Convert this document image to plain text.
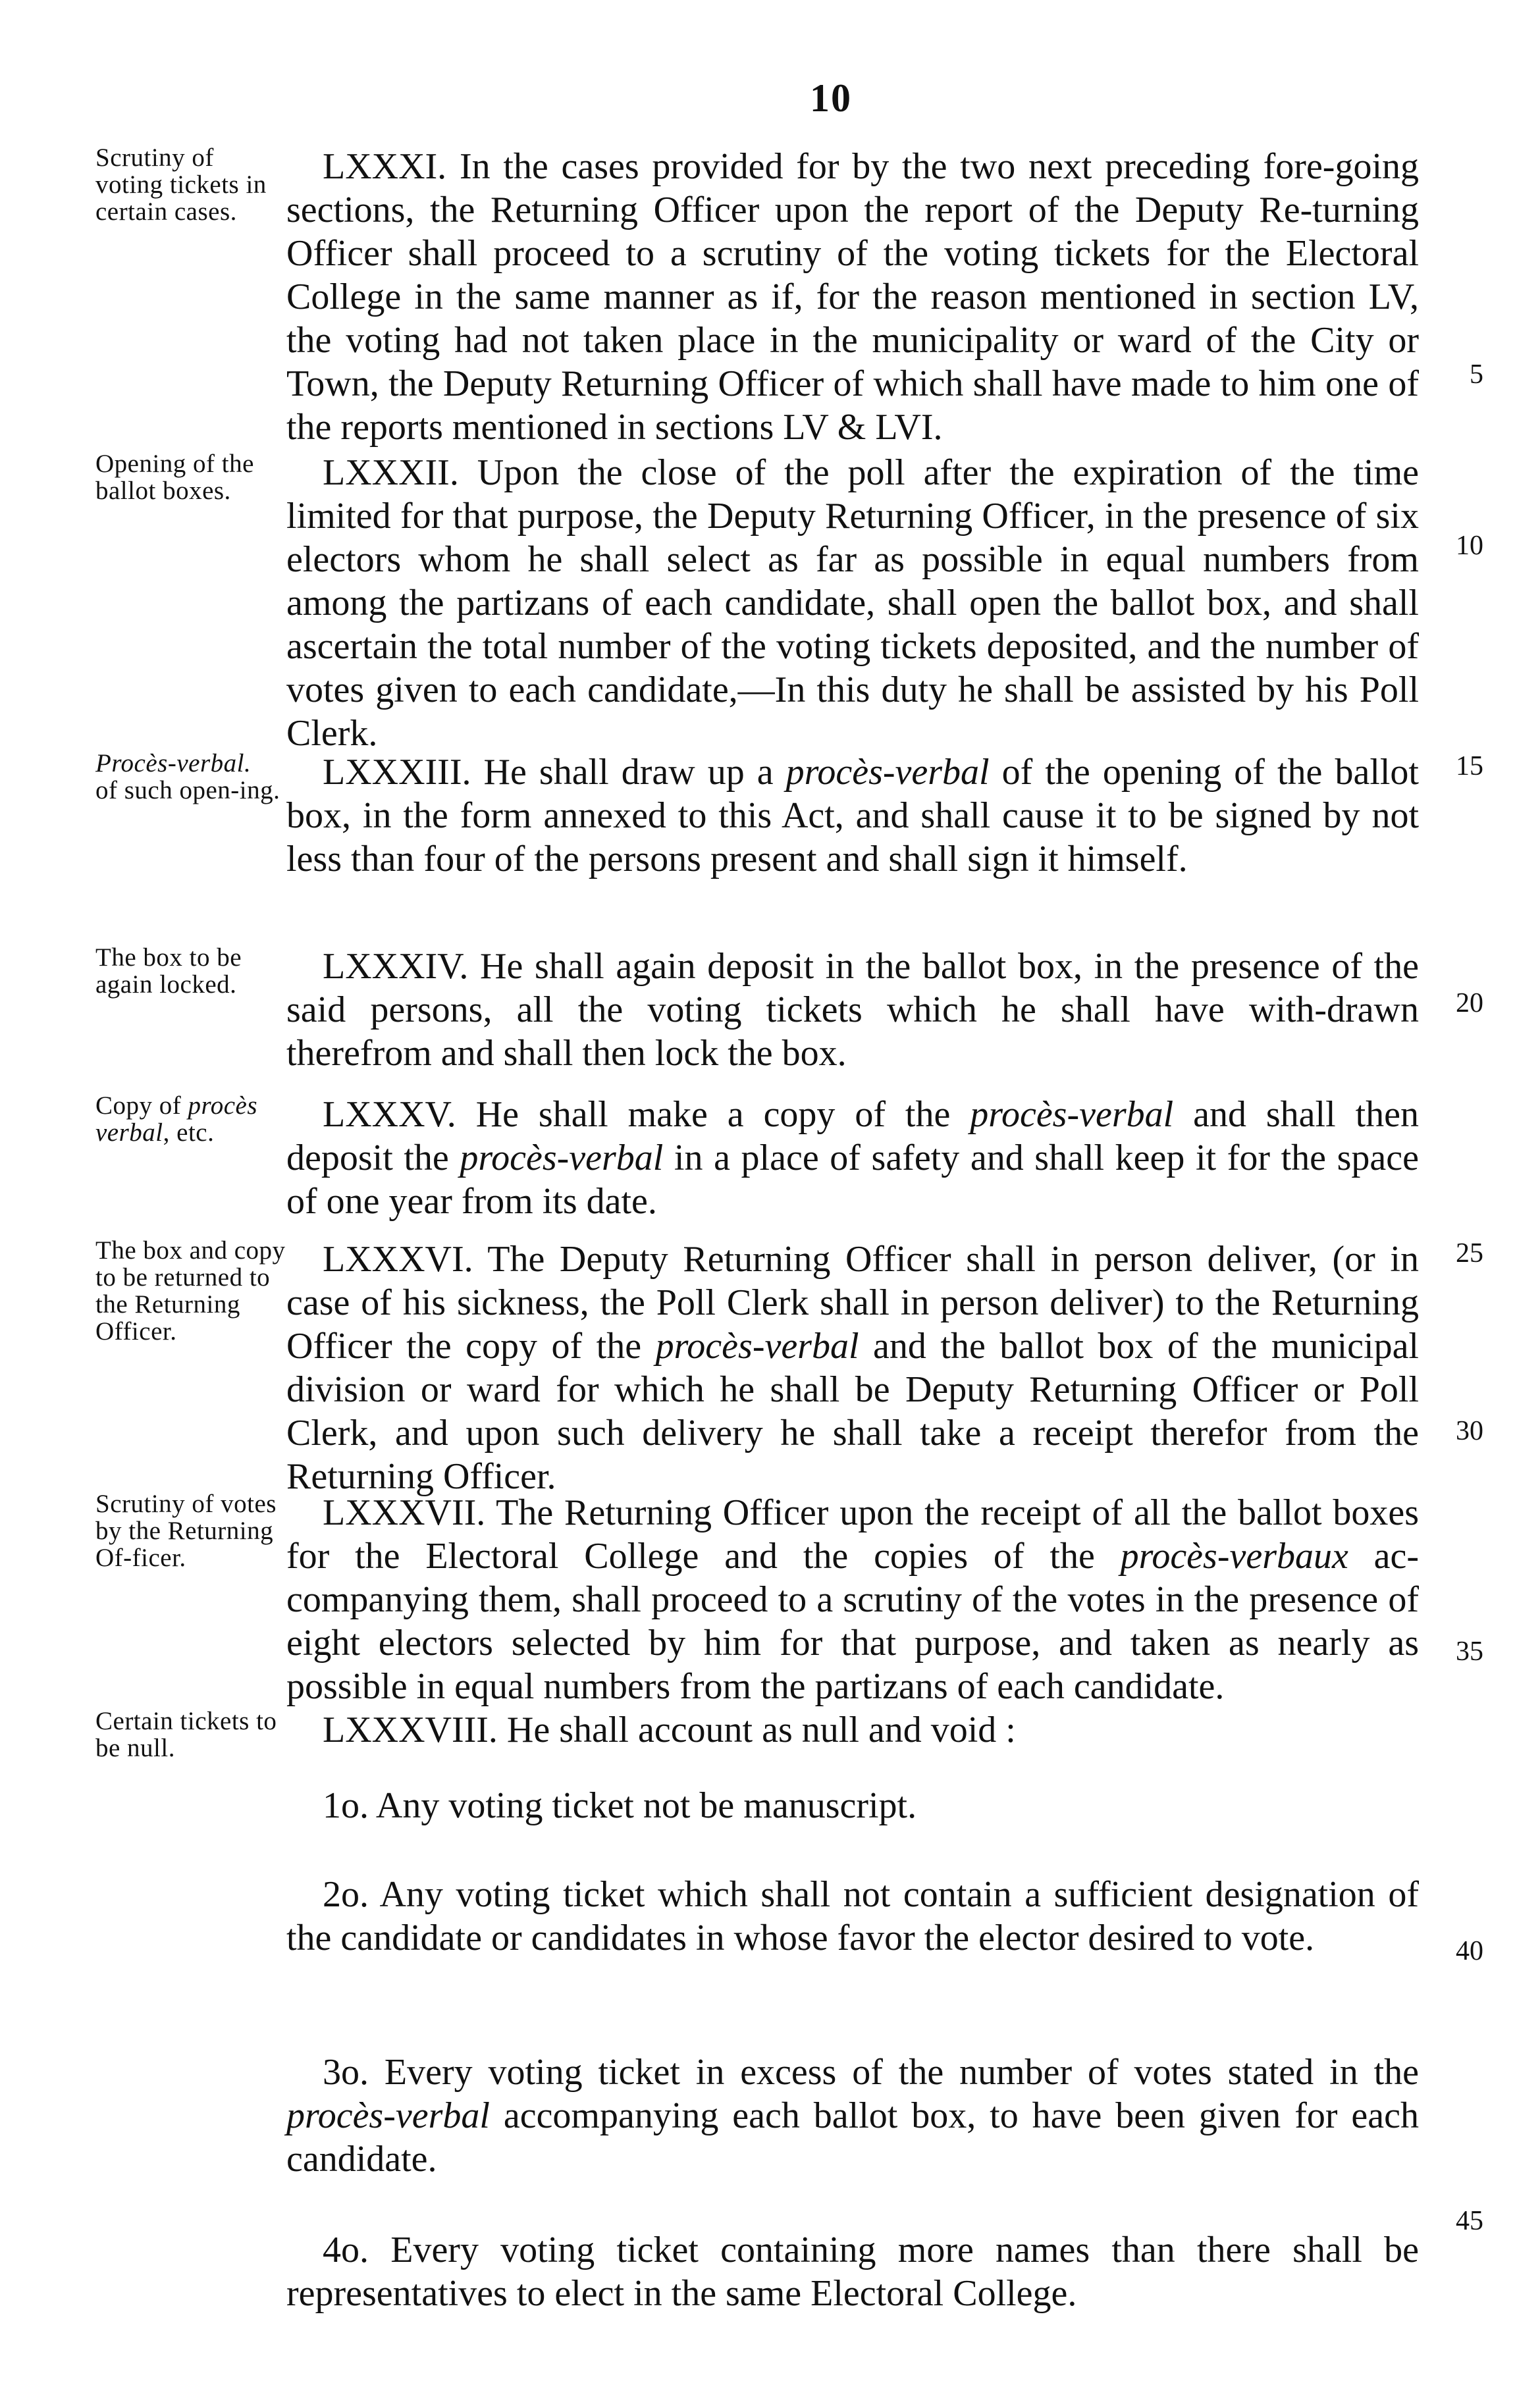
10
Scrutiny of voting tickets in certain cases.
LXXXI. In the cases provided for by the two next preceding fore-going sections, the Returning Officer upon the report of the Deputy Re-turning Officer shall proceed to a scrutiny of the voting tickets for the Electoral College in the same manner as if, for the reason mentioned in section LV, the voting had not taken place in the municipality or ward of the City or Town, the Deputy Returning Officer of which shall have made to him one of the reports mentioned in sections LV & LVI.
Opening of the ballot boxes.	LXXXII. Upon the close of the poll after the expiration of the time limited for that purpose, the Deputy Returning Officer, in the presence of six electors whom he shall select as far as possible in equal numbers from among the partizans of each candidate, shall open the ballot box, and shall ascertain the total number of the voting tickets deposited, and the number of votes given to each candidate,—In this duty he shall be assisted by his Poll Clerk.
Procès-verbal.
of such open-ing.	LXXXIII. He shall draw up a procès-verbal of the opening of the ballot box, in the form annexed to this Act, and shall cause it to be signed by not less than four of the persons present and shall sign it himself.
The box to be again locked.	LXXXIV. He shall again deposit in the ballot box, in the presence of the said persons, all the voting tickets which he shall have with-drawn therefrom and shall then lock the box.
Copy of procès verbal, etc.	LXXXV. He shall make a copy of the procès-verbal and shall then deposit the procès-verbal in a place of safety and shall keep it for the space of one year from its date.
The box and copy to be returned to the Returning Officer.
LXXXVI. The Deputy Returning Officer shall in person deliver, (or in case of his sickness, the Poll Clerk shall in person deliver) to the Returning Officer the copy of the procès-verbal and the ballot box of the municipal division or ward for which he shall be Deputy Returning Officer or Poll Clerk, and upon such delivery he shall take a receipt therefor from the Returning Officer.
Scrutiny of votes by the Returning Of-ficer.
LXXXVII. The Returning Officer upon the receipt of all the ballot boxes for the Electoral College and the copies of the procès-verbaux ac-companying them, shall proceed to a scrutiny of the votes in the presence of eight electors selected by him for that purpose, and taken as nearly as possible in equal numbers from the partizans of each candidate.
Certain tickets to be null.	LXXXVIII. He shall account as null and void :
1o. Any voting ticket not be manuscript.
2o. Any voting ticket which shall not contain a sufficient designation of the candidate or candidates in whose favor the elector desired to vote.
3o. Every voting ticket in excess of the number of votes stated in the procès-verbal accompanying each ballot box, to have been given for each candidate.
4o. Every voting ticket containing more names than there shall be representatives to elect in the same Electoral College.
5
10
15
20
25
30
35
40
45
